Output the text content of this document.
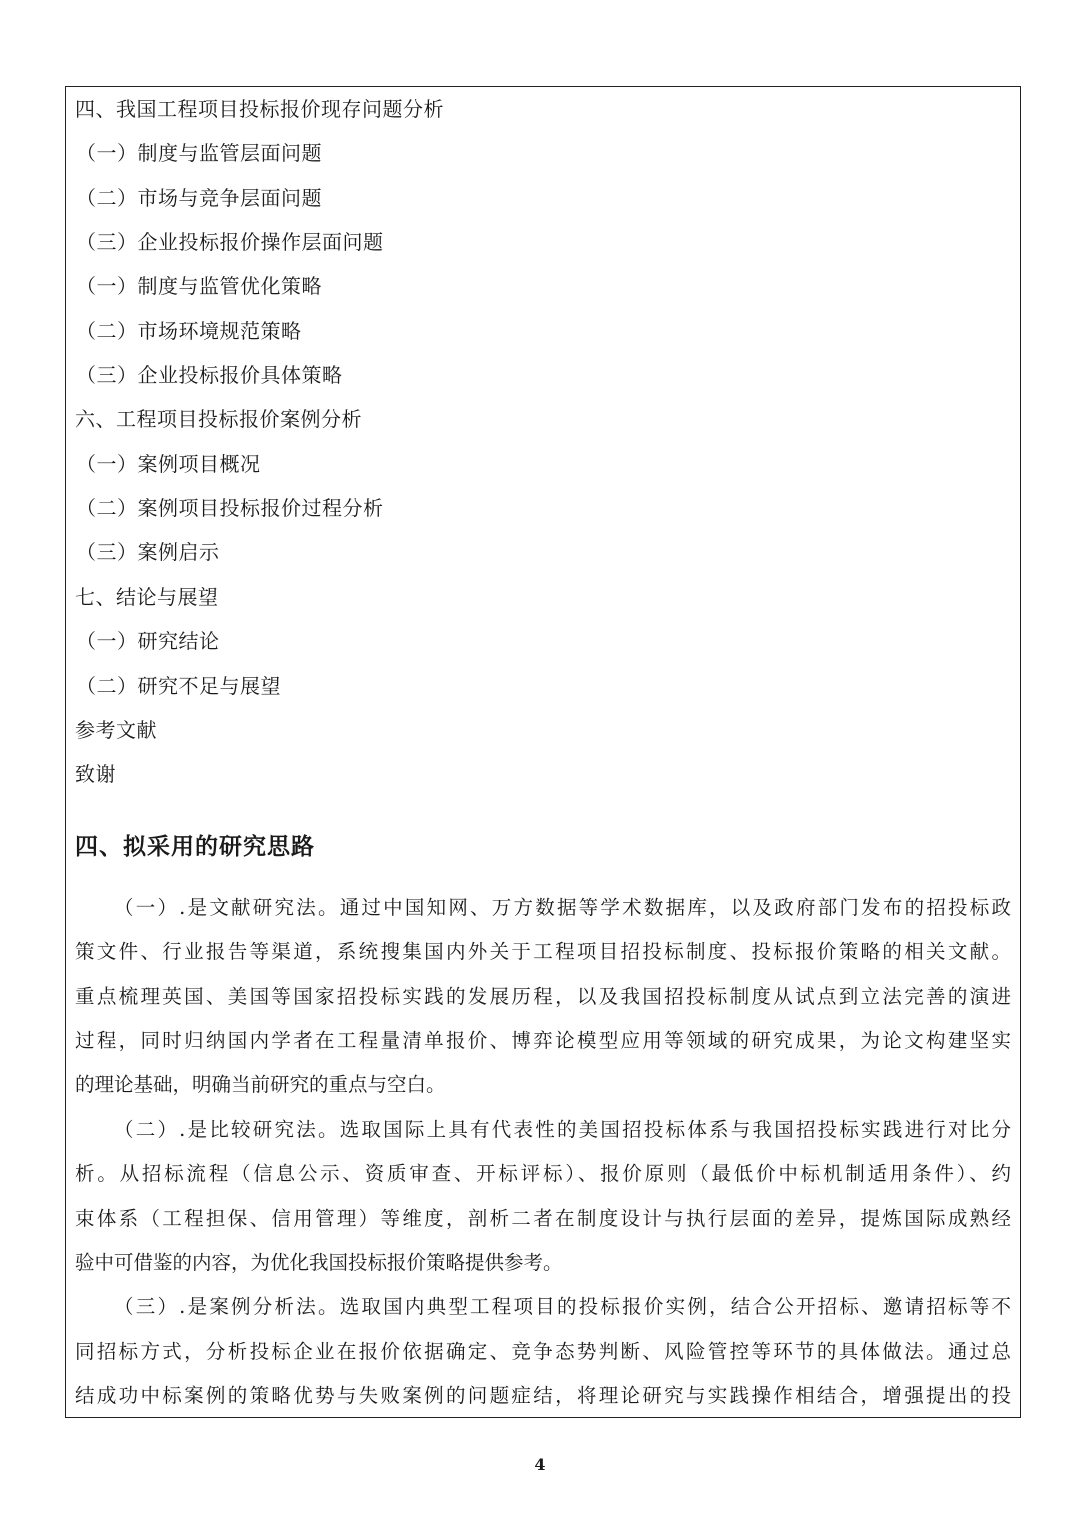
四、我国工程项目投标报价现存问题分析
（一）制度与监管层面问题
（二）市场与竞争层面问题
（三）企业投标报价操作层面问题
（一）制度与监管优化策略
（二）市场环境规范策略
（三）企业投标报价具体策略
六、工程项目投标报价案例分析
（一）案例项目概况
（二）案例项目投标报价过程分析
（三）案例启示
七、结论与展望
（一）研究结论
（二）研究不足与展望
参考文献
致谢
四、拟采用的研究思路
（一）.是文献研究法。通过中国知网、万方数据等学术数据库，以及政府部门发布的招投标政
策文件、行业报告等渠道，系统搜集国内外关于工程项目招投标制度、投标报价策略的相关文献。
重点梳理英国、美国等国家招投标实践的发展历程，以及我国招投标制度从试点到立法完善的演进
过程，同时归纳国内学者在工程量清单报价、博弈论模型应用等领域的研究成果，为论文构建坚实
的理论基础，明确当前研究的重点与空白。
（二）.是比较研究法。选取国际上具有代表性的美国招投标体系与我国招投标实践进行对比分
析。从招标流程（信息公示、资质审查、开标评标）、报价原则（最低价中标机制适用条件）、约
束体系（工程担保、信用管理）等维度，剖析二者在制度设计与执行层面的差异，提炼国际成熟经
验中可借鉴的内容，为优化我国投标报价策略提供参考。
（三）.是案例分析法。选取国内典型工程项目的投标报价实例，结合公开招标、邀请招标等不
同招标方式，分析投标企业在报价依据确定、竞争态势判断、风险管控等环节的具体做法。通过总
结成功中标案例的策略优势与失败案例的问题症结，将理论研究与实践操作相结合，增强提出的投
4
